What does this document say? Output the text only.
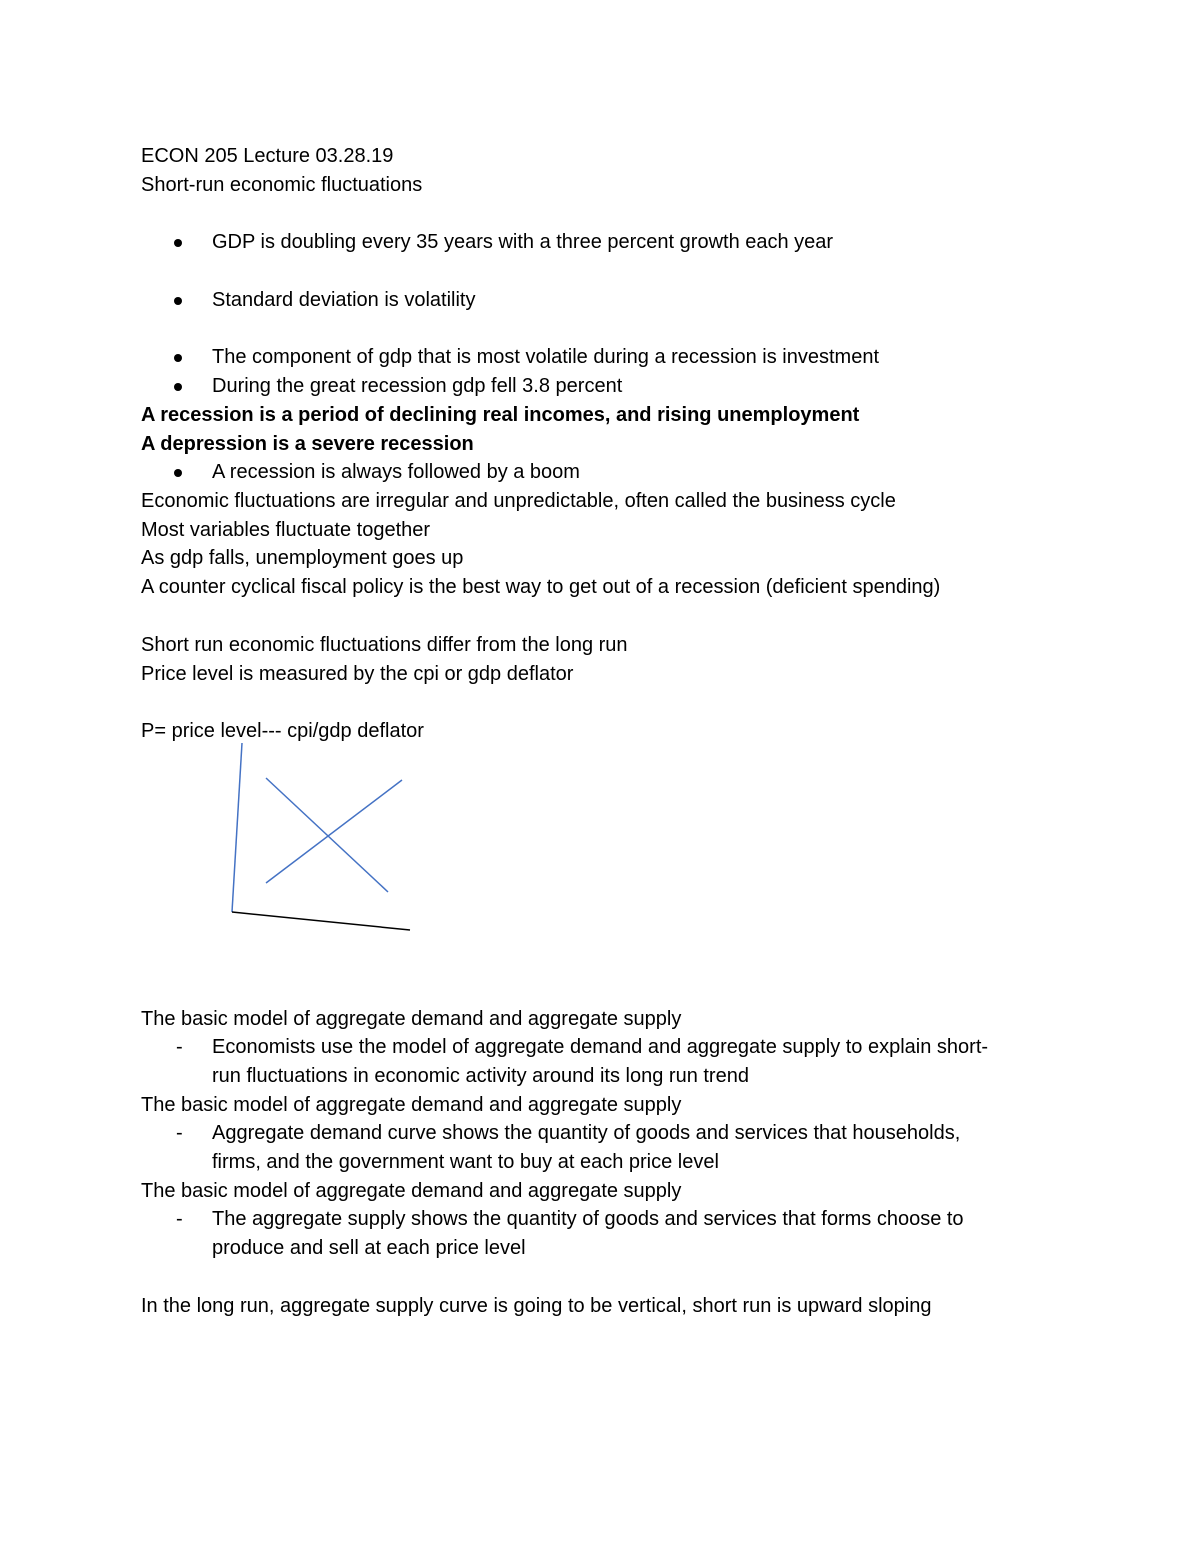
ECON 205 Lecture 03.28.19
Short-run economic fluctuations
GDP is doubling every 35 years with a three percent growth each year
Standard deviation is volatility
The component of gdp that is most volatile during a recession is investment
During the great recession gdp fell 3.8 percent
A recession is a period of declining real incomes, and rising unemployment
A depression is a severe recession
A recession is always followed by a boom
Economic fluctuations are irregular and unpredictable, often called the business cycle
Most variables fluctuate together
As gdp falls, unemployment goes up
A counter cyclical fiscal policy is the best way to get out of a recession (deficient spending)
Short run economic fluctuations differ from the long run
Price level is measured by the cpi or gdp deflator
P= price level--- cpi/gdp deflator
The basic model of aggregate demand and aggregate supply
- Economists use the model of aggregate demand and aggregate supply to explain short-
run fluctuations in economic activity around its long run trend
The basic model of aggregate demand and aggregate supply
- Aggregate demand curve shows the quantity of goods and services that households,
firms, and the government want to buy at each price level
The basic model of aggregate demand and aggregate supply
- The aggregate supply shows the quantity of goods and services that forms choose to
produce and sell at each price level
In the long run, aggregate supply curve is going to be vertical, short run is upward sloping
